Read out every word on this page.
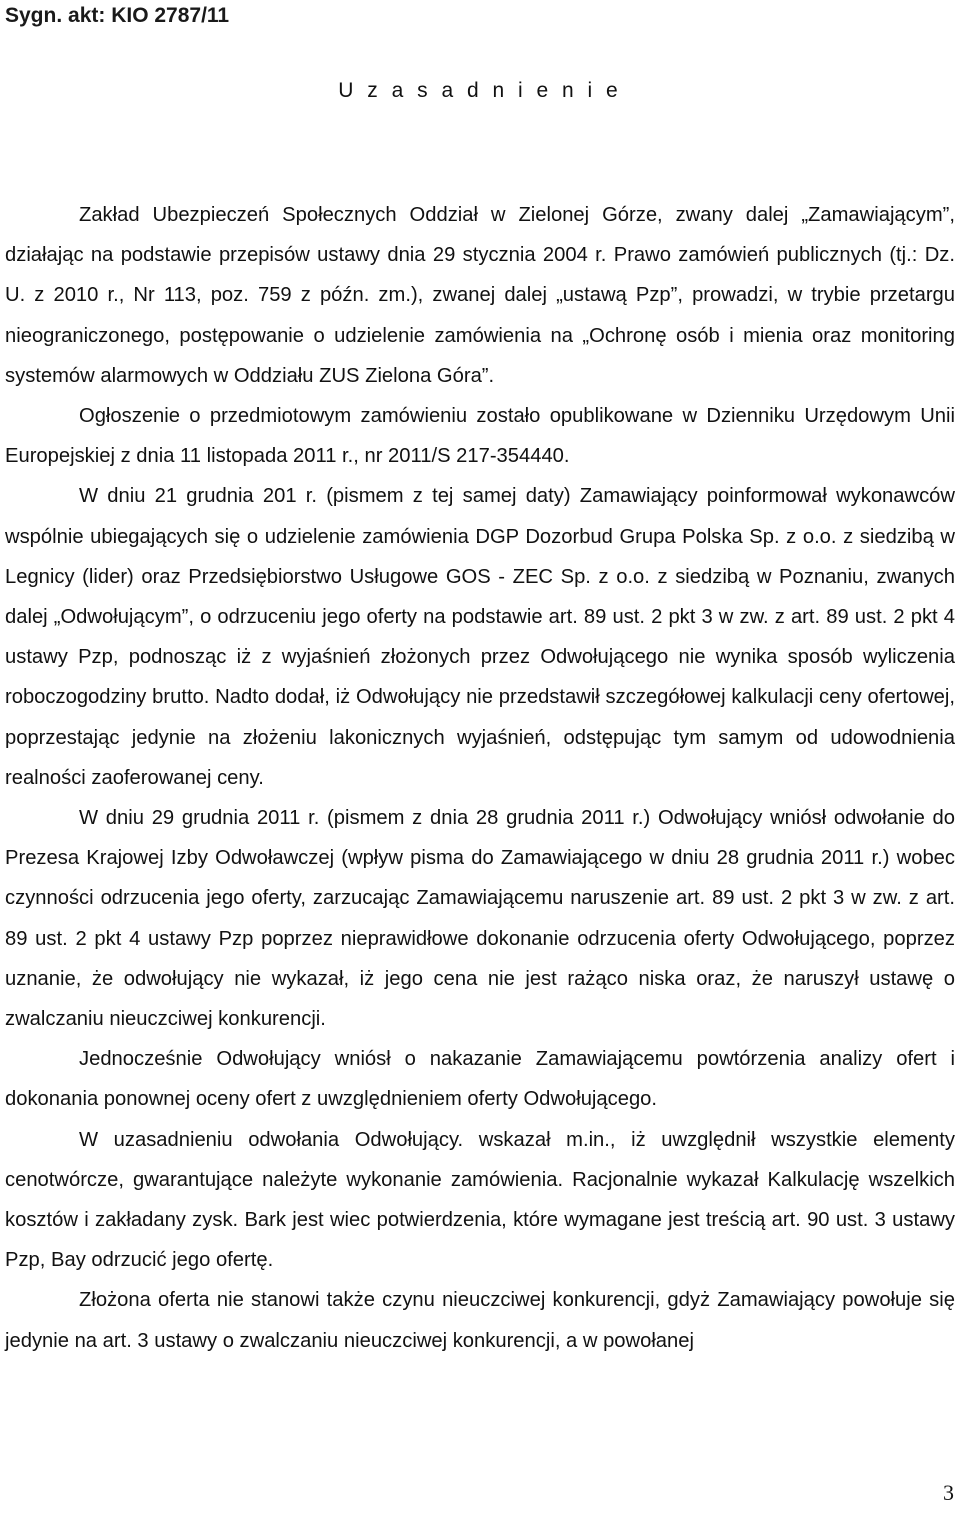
Sygn. akt: KIO 2787/11
U z a s a d n i e n i e

Zakład Ubezpieczeń Społecznych Oddział w Zielonej Górze, zwany dalej „Zamawiającym”, działając na podstawie przepisów ustawy dnia 29 stycznia 2004 r. Prawo zamówień publicznych (tj.: Dz. U. z 2010 r., Nr 113, poz. 759 z późn. zm.), zwanej dalej „ustawą Pzp”, prowadzi, w trybie przetargu nieograniczonego, postępowanie o udzielenie zamówienia na „Ochronę osób i mienia oraz monitoring systemów alarmowych w Oddziału ZUS Zielona Góra”.

Ogłoszenie o przedmiotowym zamówieniu zostało opublikowane w Dzienniku Urzędowym Unii Europejskiej z dnia 11 listopada 2011 r., nr 2011/S 217-354440.

W dniu 21 grudnia 201 r. (pismem z tej samej daty) Zamawiający poinformował wykonawców wspólnie ubiegających się o udzielenie zamówienia DGP Dozorbud Grupa Polska Sp. z o.o. z siedzibą w Legnicy (lider) oraz Przedsiębiorstwo Usługowe GOS - ZEC Sp. z o.o. z siedzibą w Poznaniu, zwanych dalej „Odwołującym”, o odrzuceniu jego oferty na podstawie art. 89 ust. 2 pkt 3 w zw. z art. 89 ust. 2 pkt 4 ustawy Pzp, podnosząc iż z wyjaśnień złożonych przez Odwołującego nie wynika sposób wyliczenia roboczogodziny brutto. Nadto dodał, iż Odwołujący nie przedstawił szczegółowej kalkulacji ceny ofertowej, poprzestając jedynie na złożeniu lakonicznych wyjaśnień, odstępując tym samym od udowodnienia realności zaoferowanej ceny.

W dniu 29 grudnia 2011 r. (pismem z dnia 28 grudnia 2011 r.) Odwołujący wniósł odwołanie do Prezesa Krajowej Izby Odwoławczej (wpływ pisma do Zamawiającego w dniu 28 grudnia 2011 r.) wobec czynności odrzucenia jego oferty, zarzucając Zamawiającemu naruszenie art. 89 ust. 2 pkt 3 w zw. z art. 89 ust. 2 pkt 4 ustawy Pzp poprzez nieprawidłowe dokonanie odrzucenia oferty Odwołującego, poprzez uznanie, że odwołujący nie wykazał, iż jego cena nie jest rażąco niska oraz, że naruszył ustawę o zwalczaniu nieuczciwej konkurencji.

Jednocześnie Odwołujący wniósł o nakazanie Zamawiającemu powtórzenia analizy ofert i dokonania ponownej oceny ofert z uwzględnieniem oferty Odwołującego.

W uzasadnieniu odwołania Odwołujący. wskazał m.in., iż uwzględnił wszystkie elementy cenotwórcze, gwarantujące należyte wykonanie zamówienia. Racjonalnie wykazał Kalkulację wszelkich kosztów i zakładany zysk. Bark jest wiec potwierdzenia, które wymagane jest treścią art. 90 ust. 3 ustawy Pzp, Bay odrzucić jego ofertę.

Złożona oferta nie stanowi także czynu nieuczciwej konkurencji, gdyż Zamawiający powołuje się jedynie na art. 3 ustawy o zwalczaniu nieuczciwej konkurencji, a w powołanej

3
